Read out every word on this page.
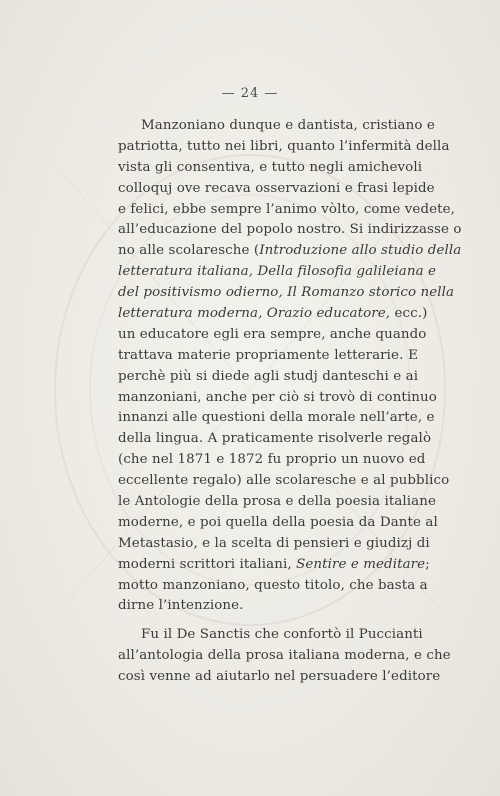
— 24 —
Manzoniano dunque e dantista, cristiano e
patriotta, tutto nei libri, quanto l’infermità della
vista gli consentiva, e tutto negli amichevoli
colloquj ove recava osservazioni e frasi lepide
e felici, ebbe sempre l’animo vòlto, come vedete,
all’educazione del popolo nostro. Si indirizzasse o
no alle scolaresche (Introduzione allo studio della
letteratura italiana, Della filosofia galileiana e
del positivismo odierno, Il Romanzo storico nella
letteratura moderna, Orazio educatore, ecc.)
un educatore egli era sempre, anche quando
trattava materie propriamente letterarie. E
perchè più si diede agli studj danteschi e ai
manzoniani, anche per ciò si trovò di continuo
innanzi alle questioni della morale nell’arte, e
della lingua. A praticamente risolverle regalò
(che nel 1871 e 1872 fu proprio un nuovo ed
eccellente regalo) alle scolaresche e al pubblico
le Antologie della prosa e della poesia italiane
moderne, e poi quella della poesia da Dante al
Metastasio, e la scelta di pensieri e giudizj di
moderni scrittori italiani, Sentire e meditare;
motto manzoniano, questo titolo, che basta a
dirne l’intenzione.
Fu il De Sanctis che confortò il Puccianti
all’antologia della prosa italiana moderna, e che
così venne ad aiutarlo nel persuadere l’editore
